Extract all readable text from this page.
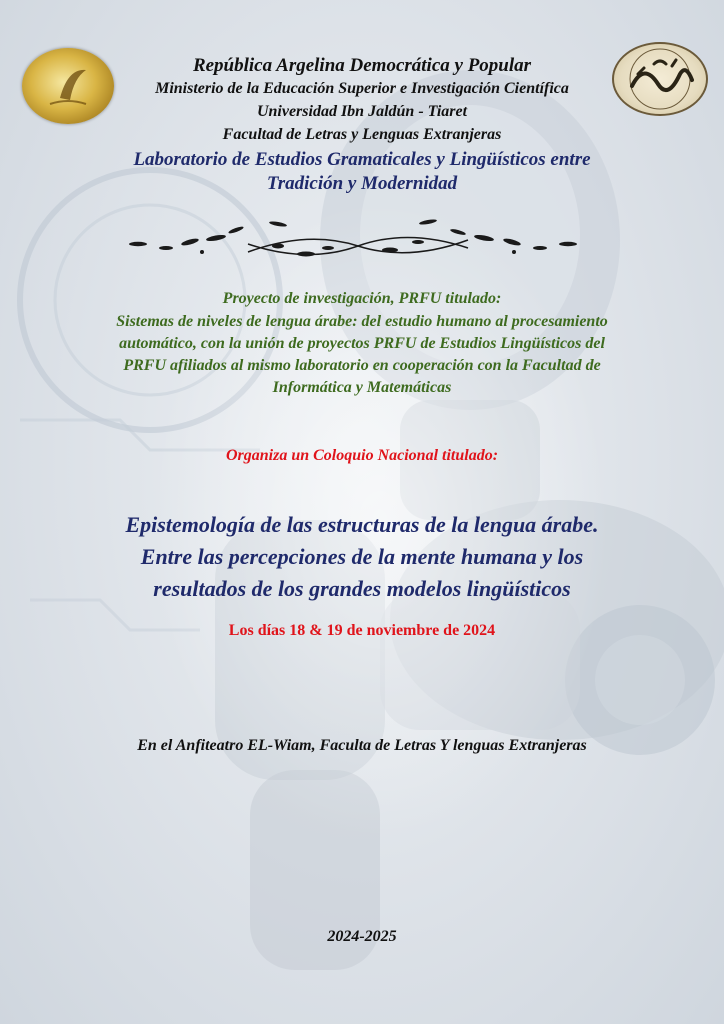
República Argelina Democrática y Popular

Ministerio de la Educación Superior e Investigación Científica

Universidad Ibn Jaldún - Tiaret

Facultad de Letras y Lenguas Extranjeras

Laboratorio de Estudios Gramaticales y Lingüísticos entre

Tradición y Modernidad

Proyecto de investigación, PRFU titulado:

Sistemas de niveles de lengua árabe: del estudio humano al procesamiento

automático, con la unión de proyectos PRFU de Estudios Lingüísticos del

PRFU afiliados al mismo laboratorio en cooperación con la Facultad de

Informática y Matemáticas

Organiza un Coloquio Nacional titulado:

Epistemología de las estructuras de la lengua árabe.

Entre las percepciones de la mente humana y los

resultados de los grandes modelos lingüísticos

Los días 18 & 19 de noviembre de 2024

En el Anfiteatro EL-Wiam, Faculta de Letras Y lenguas Extranjeras

2024-2025
